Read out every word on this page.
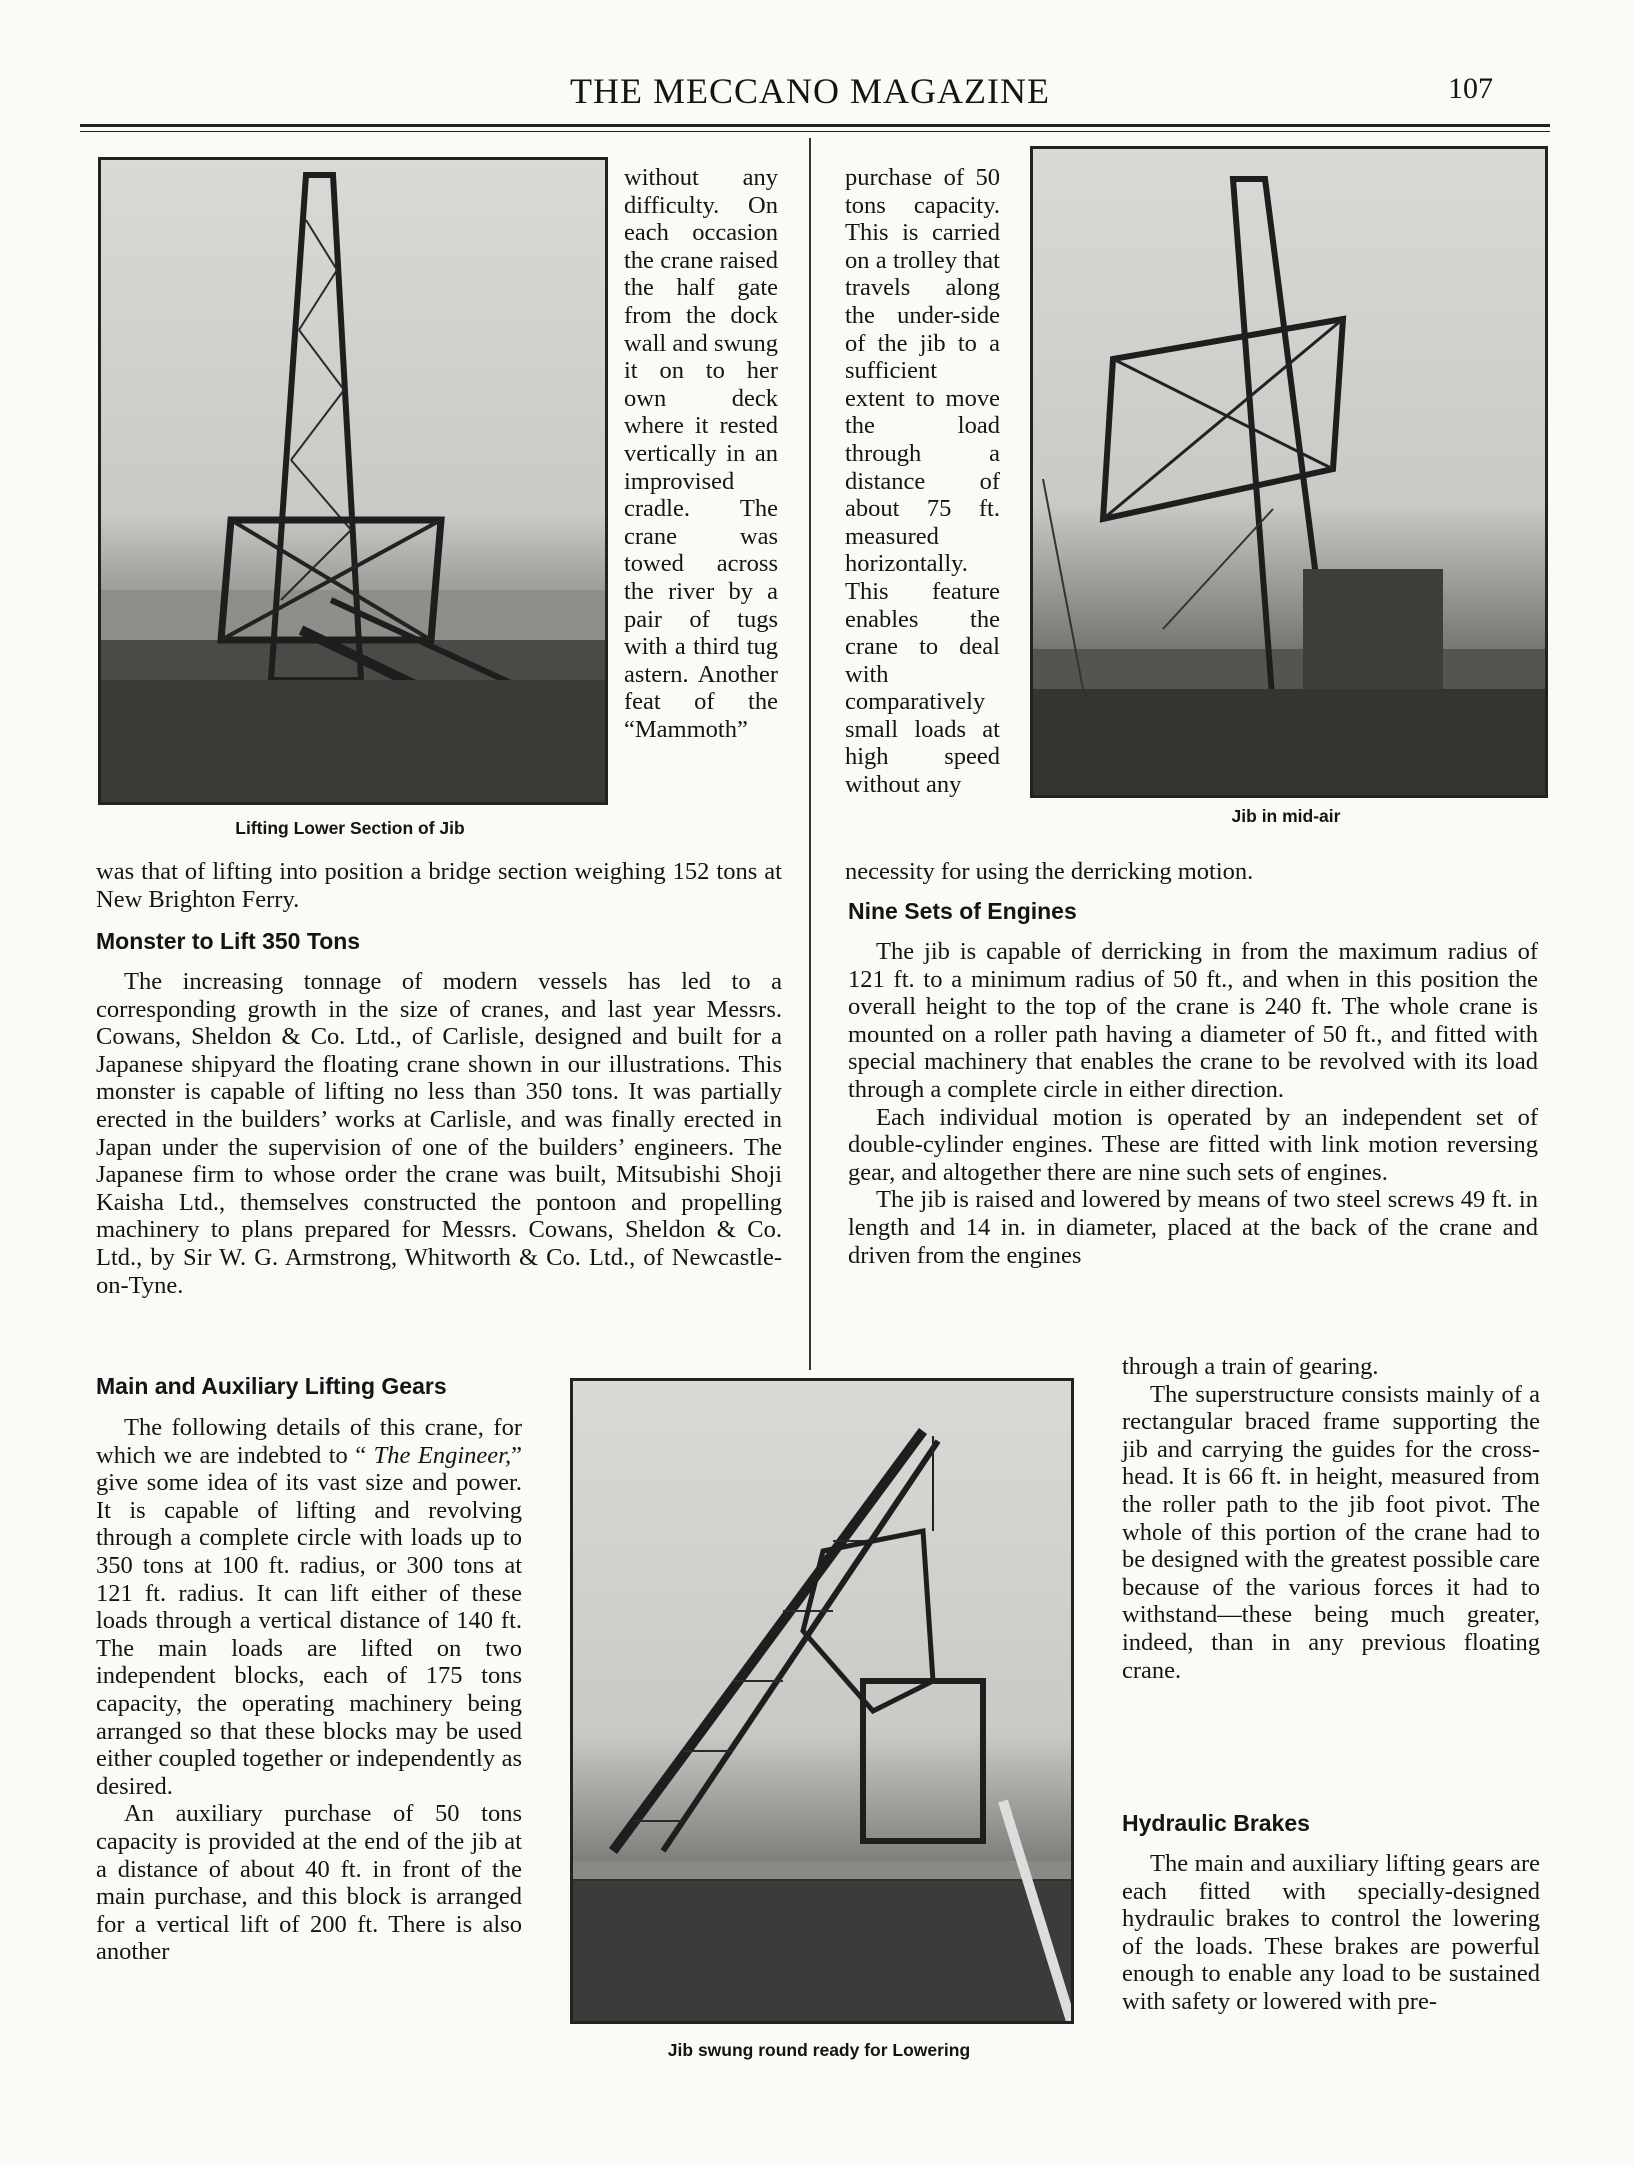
THE MECCANO MAGAZINE	107
Lifting Lower Section of Jib

without any difficulty. On each occasion the crane raised the half gate from the dock wall and swung it on to her own deck where it rested vertically in an improvised cradle. The crane was towed across the river by a pair of tugs with a third tug astern. Another feat of the “Mammoth”

was that of lifting into position a bridge section weighing 152 tons at New Brighton Ferry.

Monster to Lift 350 Tons

The increasing tonnage of modern vessels has led to a corresponding growth in the size of cranes, and last year Messrs. Cowans, Sheldon & Co. Ltd., of Carlisle, designed and built for a Japanese shipyard the floating crane shown in our illustrations. This monster is capable of lifting no less than 350 tons. It was partially erected in the builders’ works at Carlisle, and was finally erected in Japan under the supervision of one of the builders’ engineers. The Japanese firm to whose order the crane was built, Mitsubishi Shoji Kaisha Ltd., themselves constructed the pontoon and propelling machinery to plans prepared for Messrs. Cowans, Sheldon & Co. Ltd., by Sir W. G. Armstrong, Whitworth & Co. Ltd., of Newcastle-on-Tyne.

Main and Auxiliary Lifting Gears

The following details of this crane, for which we are indebted to “ The Engineer,” give some idea of its vast size and power. It is capable of lifting and revolving through a complete circle with loads up to 350 tons at 100 ft. radius, or 300 tons at 121 ft. radius. It can lift either of these loads through a vertical distance of 140 ft. The main loads are lifted on two independent blocks, each of 175 tons capacity, the operating machinery being arranged so that these blocks may be used either coupled together or independently as desired.

An auxiliary purchase of 50 tons capacity is provided at the end of the jib at a distance of about 40 ft. in front of the main purchase, and this block is arranged for a vertical lift of 200 ft. There is also another

Jib in mid-air

purchase of 50 tons capacity. This is carried on a trolley that travels along the under-side of the jib to a sufficient extent to move the load through a distance of about 75 ft. measured horizontally. This feature enables the crane to deal with comparatively small loads at high speed without any

necessity for using the derricking motion.

Nine Sets of Engines

The jib is capable of derricking in from the maximum radius of 121 ft. to a minimum radius of 50 ft., and when in this position the overall height to the top of the crane is 240 ft. The whole crane is mounted on a roller path having a diameter of 50 ft., and fitted with special machinery that enables the crane to be revolved with its load through a complete circle in either direction.

Each individual motion is operated by an independent set of double-cylinder engines. These are fitted with link motion reversing gear, and altogether there are nine such sets of engines.

The jib is raised and lowered by means of two steel screws 49 ft. in length and 14 in. in diameter, placed at the back of the crane and driven from the engines

through a train of gearing.

The superstructure consists mainly of a rectangular braced frame supporting the jib and carrying the guides for the cross-head. It is 66 ft. in height, measured from the roller path to the jib foot pivot. The whole of this portion of the crane had to be designed with the greatest possible care because of the various forces it had to withstand—these being much greater, indeed, than in any previous floating crane.

Hydraulic Brakes

The main and auxiliary lifting gears are each fitted with specially-designed hydraulic brakes to control the lowering of the loads. These brakes are powerful enough to enable any load to be sustained with safety or lowered with pre-

Jib swung round ready for Lowering
